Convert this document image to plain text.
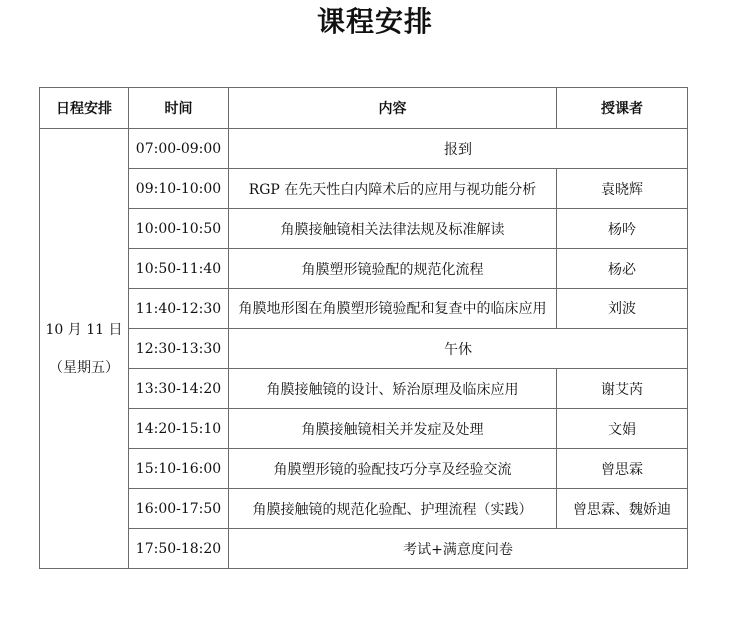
课程安排
日程安排	时间	内容	授课者

10 月 11 日
（星期五）	07:00-09:00	报到	
	09:10-10:00	RGP 在先天性白内障术后的应用与视功能分析	袁晓辉
	10:00-10:50	角膜接触镜相关法律法规及标准解读	杨吟
	10:50-11:40	角膜塑形镜验配的规范化流程	杨必
	11:40-12:30	角膜地形图在角膜塑形镜验配和复查中的临床应用	刘波
	12:30-13:30	午休	
	13:30-14:20	角膜接触镜的设计、矫治原理及临床应用	谢艾芮
	14:20-15:10	角膜接触镜相关并发症及处理	文娟
	15:10-16:00	角膜塑形镜的验配技巧分享及经验交流	曾思霖
	16:00-17:50	角膜接触镜的规范化验配、护理流程（实践）	曾思霖、魏娇迪
	17:50-18:20	考试+满意度问卷	
